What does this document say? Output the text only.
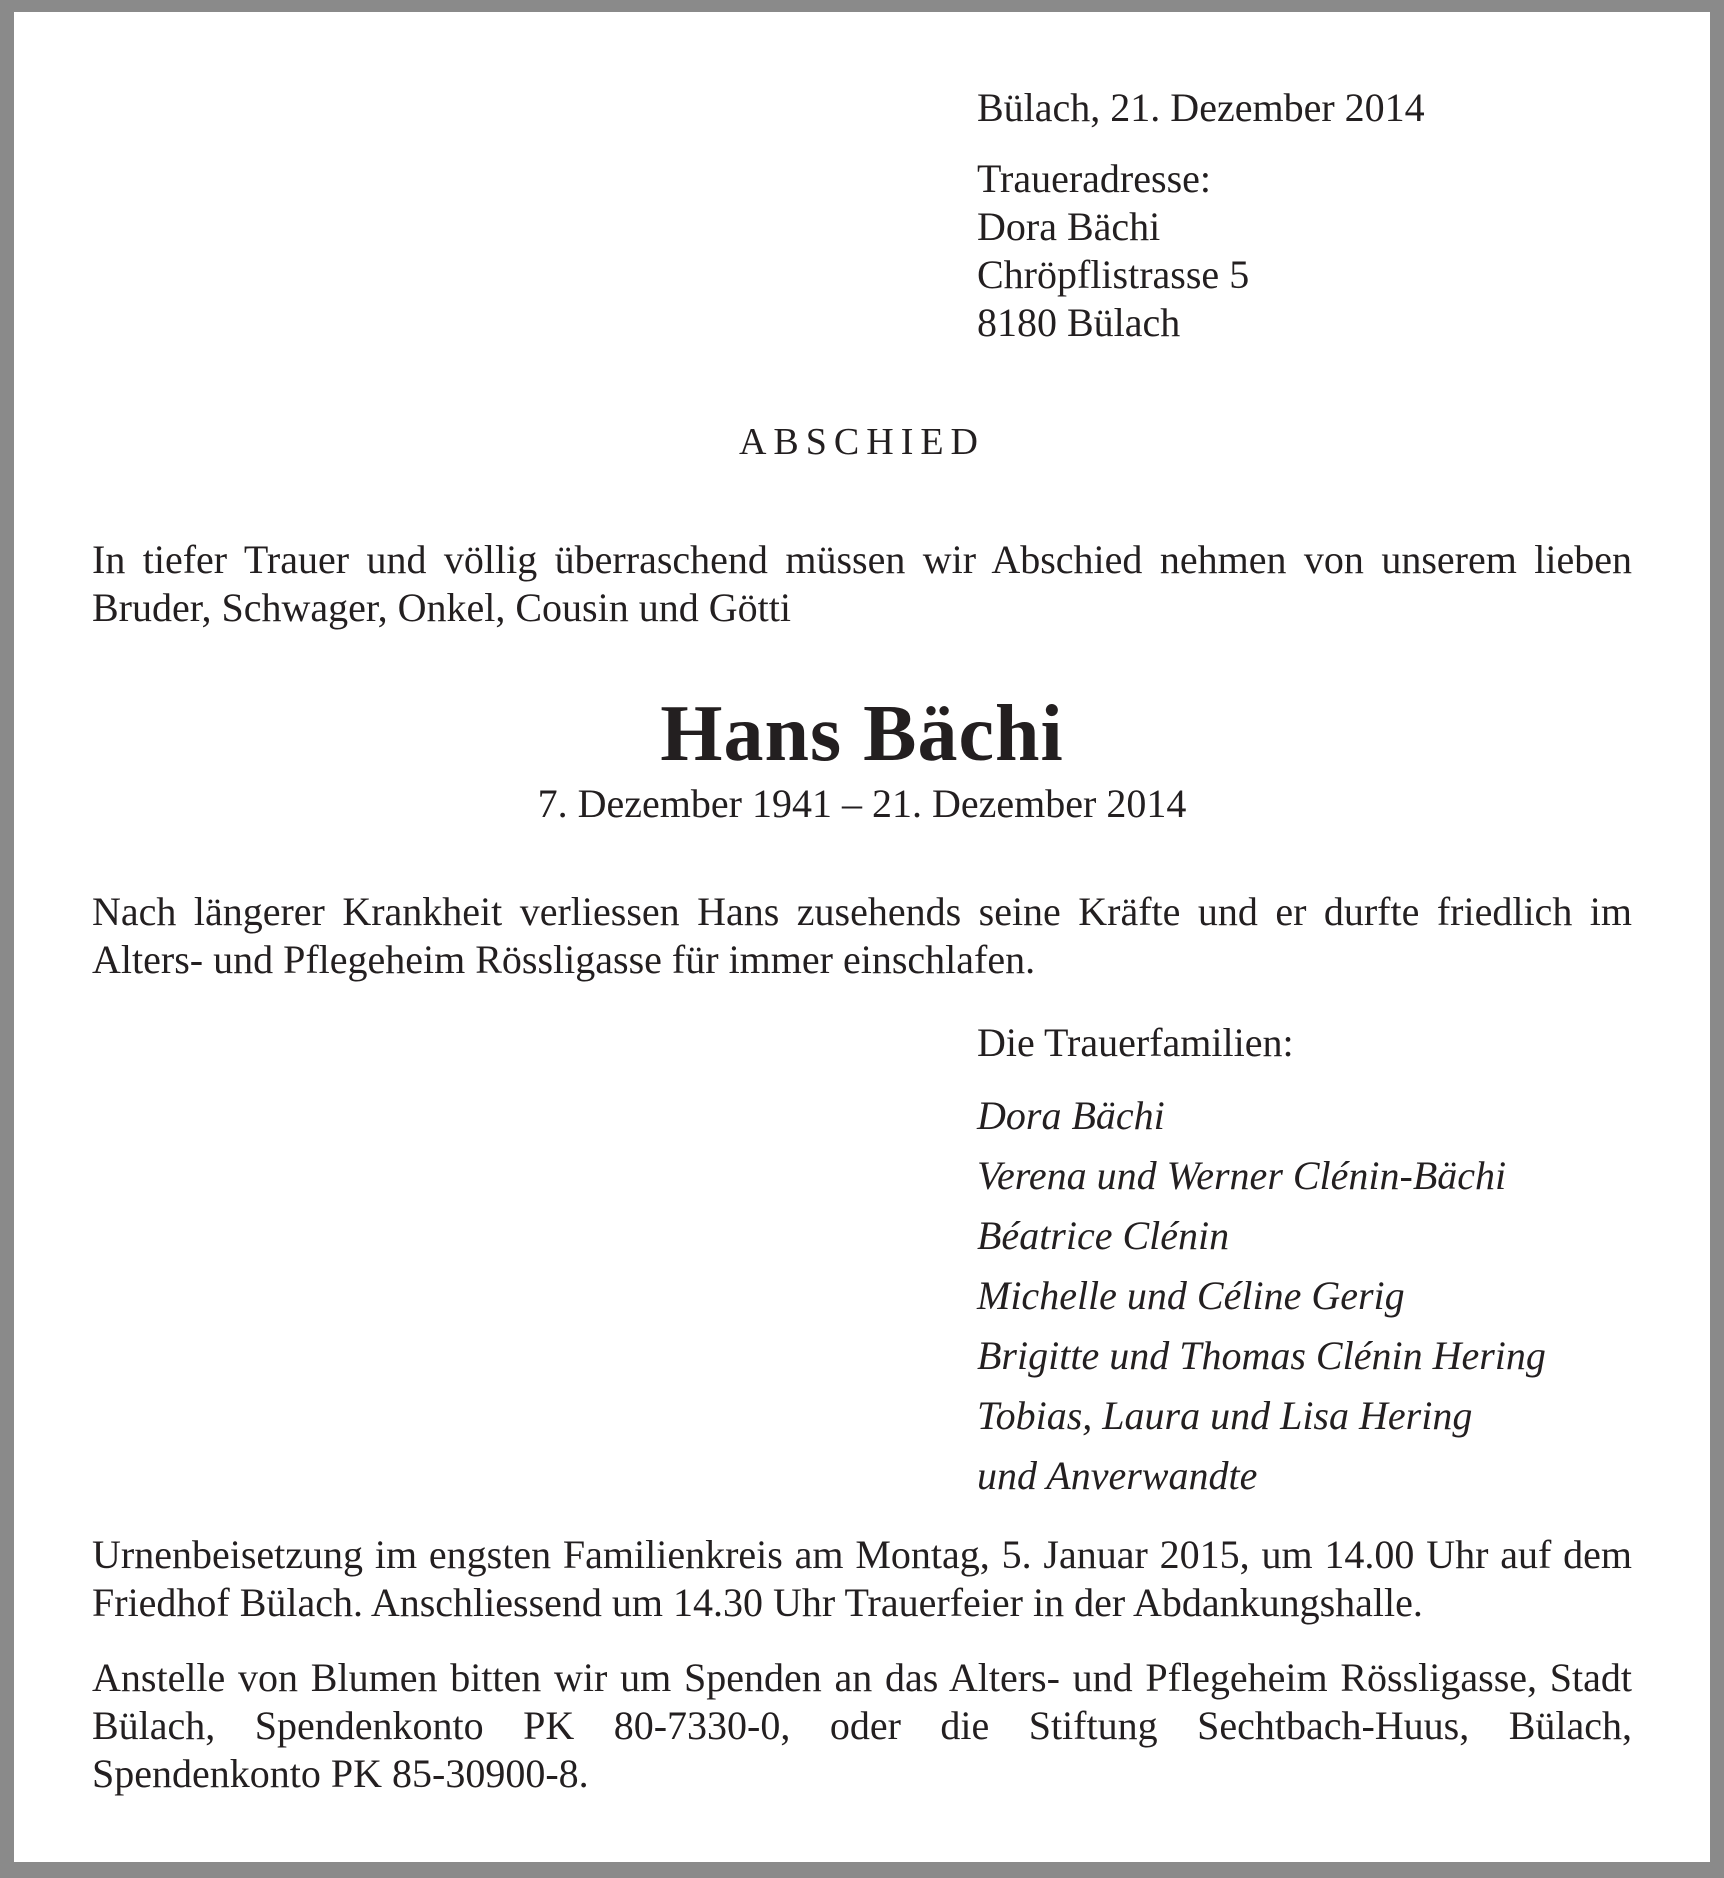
Bülach, 21. Dezember 2014
Traueradresse:
Dora Bächi
Chröpflistrasse 5
8180 Bülach
ABSCHIED

In tiefer Trauer und völlig überraschend müssen wir Abschied nehmen von unserem lieben Bruder, Schwager, Onkel, Cousin und Götti

Hans Bächi
7. Dezember 1941 – 21. Dezember 2014

Nach längerer Krankheit verliessen Hans zusehends seine Kräfte und er durfte friedlich im Alters- und Pflegeheim Rössligasse für immer einschlafen.

Die Trauerfamilien:
Dora Bächi
Verena und Werner Clénin-Bächi
Béatrice Clénin
Michelle und Céline Gerig
Brigitte und Thomas Clénin Hering
Tobias, Laura und Lisa Hering
und Anverwandte

Urnenbeisetzung im engsten Familienkreis am Montag, 5. Januar 2015, um 14.00 Uhr auf dem Friedhof Bülach. Anschliessend um 14.30 Uhr Trauerfeier in der Abdankungshalle.

Anstelle von Blumen bitten wir um Spenden an das Alters- und Pflegeheim Rössligasse, Stadt Bülach, Spendenkonto PK 80-7330-0, oder die Stiftung Sechtbach-Huus, Bülach, Spendenkonto PK 85-30900-8.
